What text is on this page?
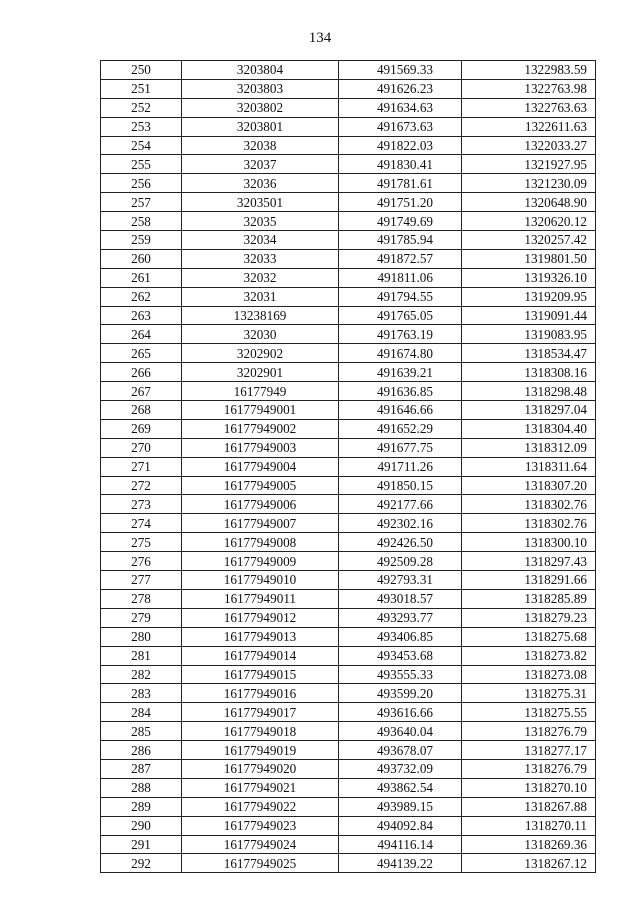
134
250	3203804	491569.33	1322983.59
251	3203803	491626.23	1322763.98
252	3203802	491634.63	1322763.63
253	3203801	491673.63	1322611.63
254	32038	491822.03	1322033.27
255	32037	491830.41	1321927.95
256	32036	491781.61	1321230.09
257	3203501	491751.20	1320648.90
258	32035	491749.69	1320620.12
259	32034	491785.94	1320257.42
260	32033	491872.57	1319801.50
261	32032	491811.06	1319326.10
262	32031	491794.55	1319209.95
263	13238169	491765.05	1319091.44
264	32030	491763.19	1319083.95
265	3202902	491674.80	1318534.47
266	3202901	491639.21	1318308.16
267	16177949	491636.85	1318298.48
268	16177949001	491646.66	1318297.04
269	16177949002	491652.29	1318304.40
270	16177949003	491677.75	1318312.09
271	16177949004	491711.26	1318311.64
272	16177949005	491850.15	1318307.20
273	16177949006	492177.66	1318302.76
274	16177949007	492302.16	1318302.76
275	16177949008	492426.50	1318300.10
276	16177949009	492509.28	1318297.43
277	16177949010	492793.31	1318291.66
278	16177949011	493018.57	1318285.89
279	16177949012	493293.77	1318279.23
280	16177949013	493406.85	1318275.68
281	16177949014	493453.68	1318273.82
282	16177949015	493555.33	1318273.08
283	16177949016	493599.20	1318275.31
284	16177949017	493616.66	1318275.55
285	16177949018	493640.04	1318276.79
286	16177949019	493678.07	1318277.17
287	16177949020	493732.09	1318276.79
288	16177949021	493862.54	1318270.10
289	16177949022	493989.15	1318267.88
290	16177949023	494092.84	1318270.11
291	16177949024	494116.14	1318269.36
292	16177949025	494139.22	1318267.12
